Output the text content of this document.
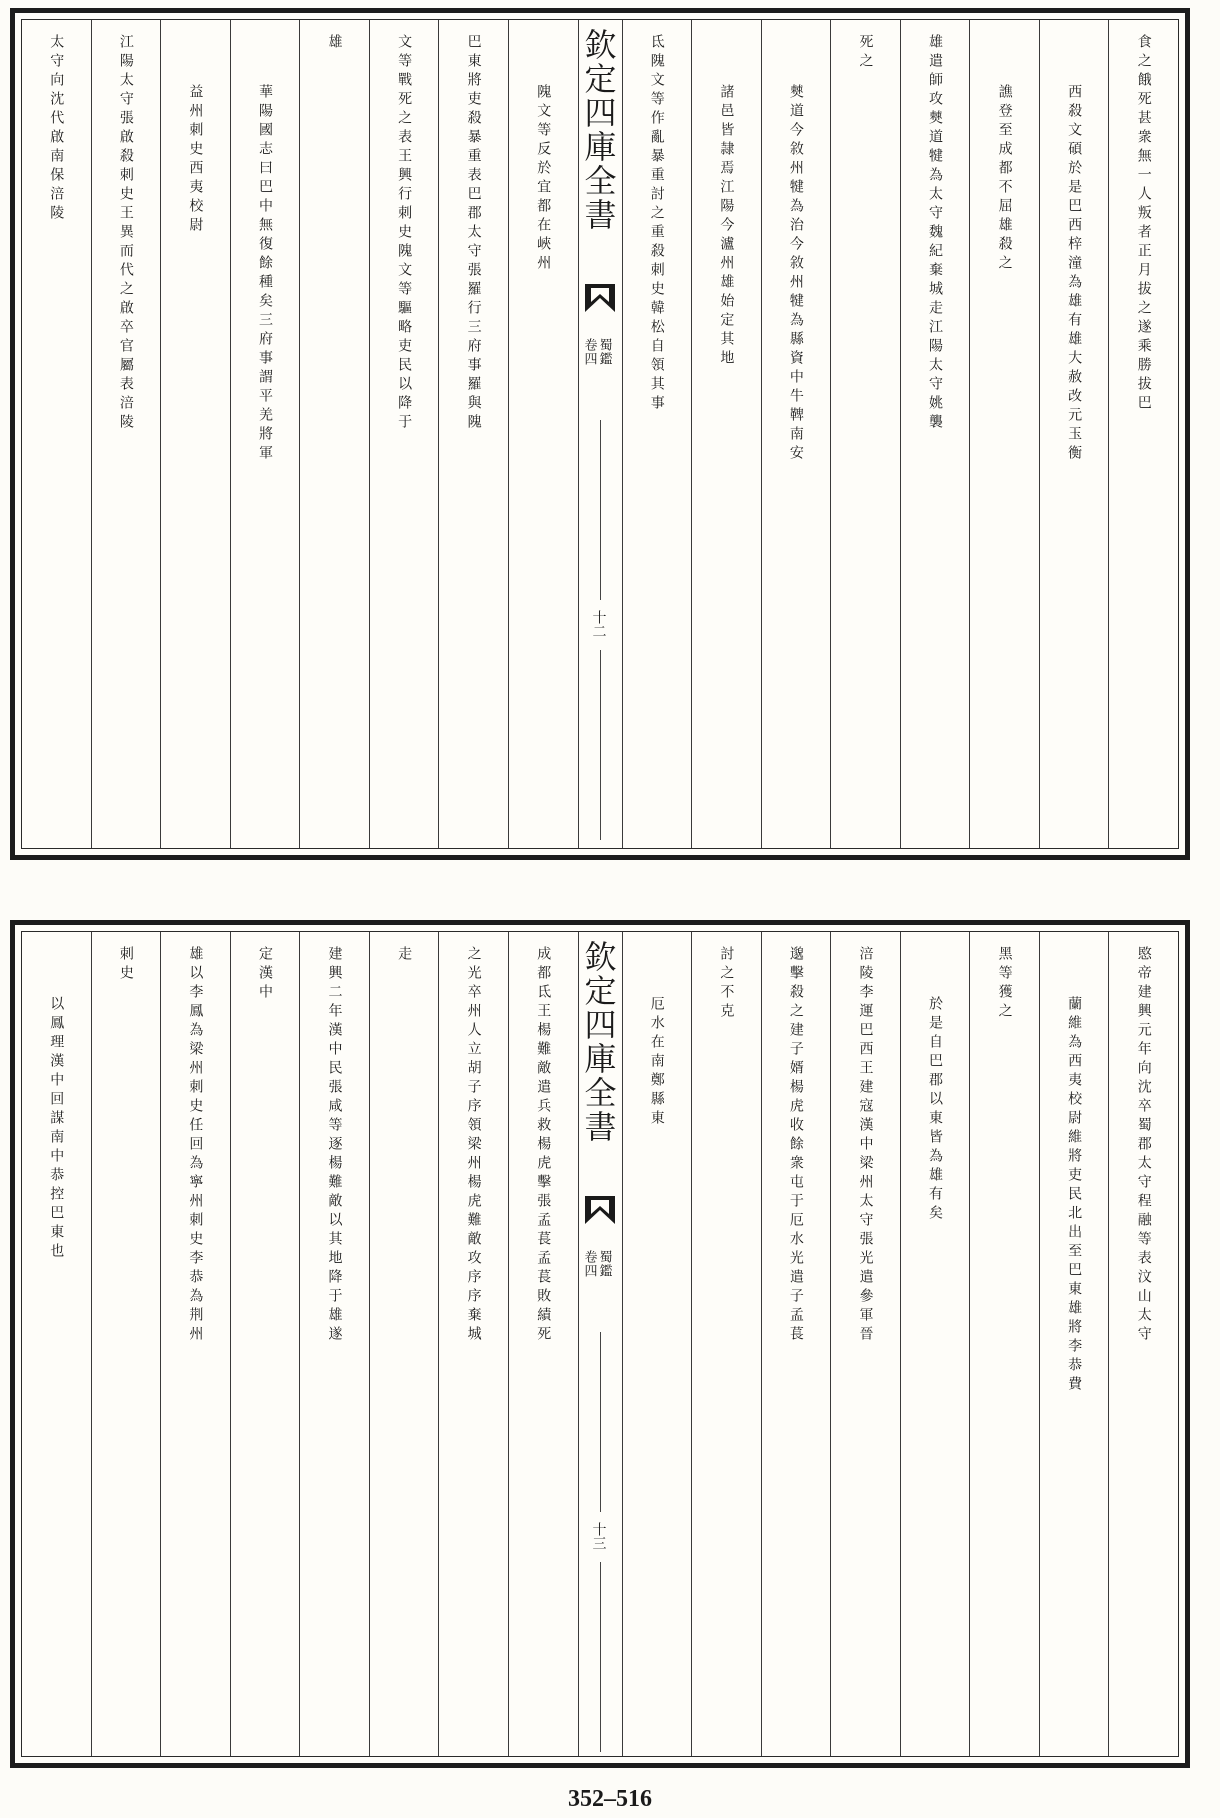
食之餓死甚衆無一人叛者正月拔之遂乘勝拔巴
西殺文碩於是巴西梓潼為雄有雄大赦改元玉衡
譙登至成都不屈雄殺之
雄遣師攻僰道犍為太守魏紀棄城走江陽太守姚襲
死之
僰道今敘州犍為治今敘州犍為縣資中牛鞞南安
諸邑皆隷焉江陽今瀘州雄始定其地
氐隗文等作亂暴重討之重殺刺史韓松自領其事
欽定四庫全書
蜀鑑
卷四
十二
隗文等反於宜都在峽州
巴東將吏殺暴重表巴郡太守張羅行三府事羅與隗
文等戰死之表王興行刺史隗文等驅略吏民以降于
雄
華陽國志曰巴中無復餘種矣三府事謂平羌將軍
益州刺史西夷校尉
江陽太守張啟殺刺史王異而代之啟卒官屬表涪陵
太守向沈代啟南保涪陵
愍帝建興元年向沈卒蜀郡太守程融等表汶山太守
蘭維為西夷校尉維將吏民北出至巴東雄將李恭費
黑等獲之
於是自巴郡以東皆為雄有矣
涪陵李運巴西王建寇漢中梁州太守張光遣參軍晉
邈擊殺之建子婿楊虎收餘衆屯于厄水光遣子孟萇
討之不克
厄水在南鄭縣東
欽定四庫全書
蜀鑑
卷四
十三
成都氐王楊難敵遣兵救楊虎擊張孟萇孟萇敗績死
之光卒州人立胡子序領梁州楊虎難敵攻序序棄城
走
建興二年漢中民張咸等逐楊難敵以其地降于雄遂
定漢中
雄以李鳳為梁州刺史任回為寧州刺史李恭為荆州
刺史
以鳳理漢中回謀南中恭控巴東也
352–516
